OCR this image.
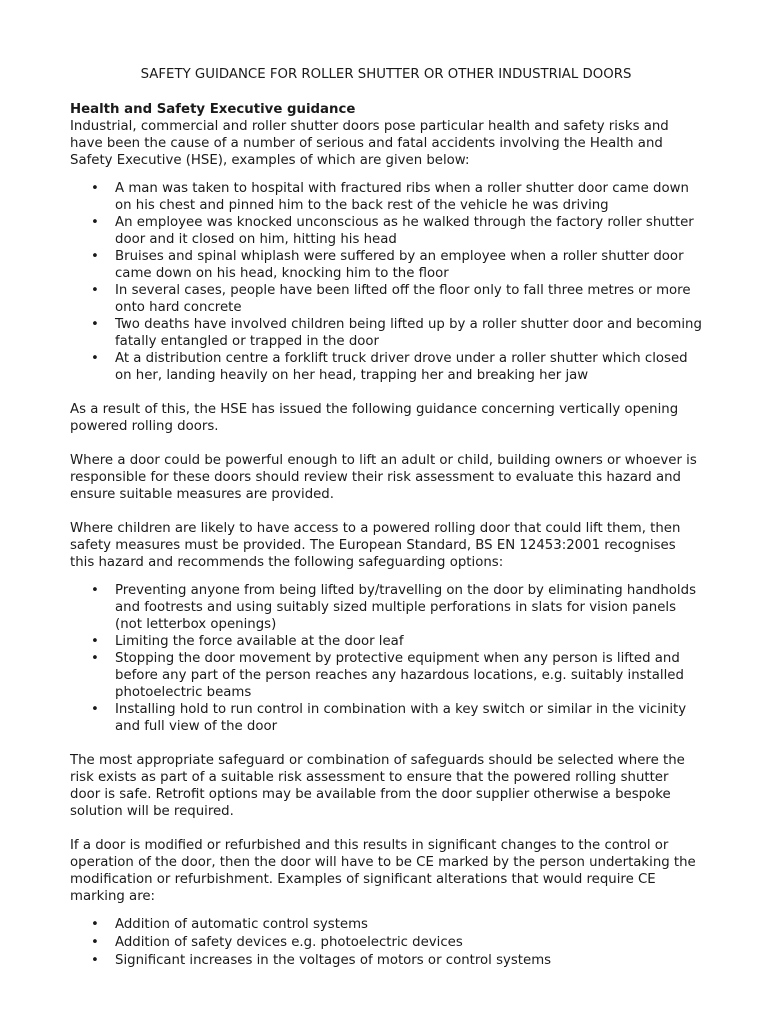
SAFETY GUIDANCE FOR ROLLER SHUTTER OR OTHER INDUSTRIAL DOORS
Health and Safety Executive guidance

Industrial, commercial and roller shutter doors pose particular health and safety risks and have been the cause of a number of serious and fatal accidents involving the Health and Safety Executive (HSE), examples of which are given below:

• A man was taken to hospital with fractured ribs when a roller shutter door came down on his chest and pinned him to the back rest of the vehicle he was driving
• An employee was knocked unconscious as he walked through the factory roller shutter door and it closed on him, hitting his head
• Bruises and spinal whiplash were suffered by an employee when a roller shutter door came down on his head, knocking him to the floor
• In several cases, people have been lifted off the floor only to fall three metres or more onto hard concrete
• Two deaths have involved children being lifted up by a roller shutter door and becoming fatally entangled or trapped in the door
• At a distribution centre a forklift truck driver drove under a roller shutter which closed on her, landing heavily on her head, trapping her and breaking her jaw

As a result of this, the HSE has issued the following guidance concerning vertically opening powered rolling doors.

Where a door could be powerful enough to lift an adult or child, building owners or whoever is responsible for these doors should review their risk assessment to evaluate this hazard and ensure suitable measures are provided.

Where children are likely to have access to a powered rolling door that could lift them, then safety measures must be provided. The European Standard, BS EN 12453:2001 recognises this hazard and recommends the following safeguarding options:

• Preventing anyone from being lifted by/travelling on the door by eliminating handholds and footrests and using suitably sized multiple perforations in slats for vision panels (not letterbox openings)
• Limiting the force available at the door leaf
• Stopping the door movement by protective equipment when any person is lifted and before any part of the person reaches any hazardous locations, e.g. suitably installed photoelectric beams
• Installing hold to run control in combination with a key switch or similar in the vicinity and full view of the door

The most appropriate safeguard or combination of safeguards should be selected where the risk exists as part of a suitable risk assessment to ensure that the powered rolling shutter door is safe. Retrofit options may be available from the door supplier otherwise a bespoke solution will be required.

If a door is modified or refurbished and this results in significant changes to the control or operation of the door, then the door will have to be CE marked by the person undertaking the modification or refurbishment. Examples of significant alterations that would require CE marking are:

• Addition of automatic control systems
• Addition of safety devices e.g. photoelectric devices
• Significant increases in the voltages of motors or control systems
